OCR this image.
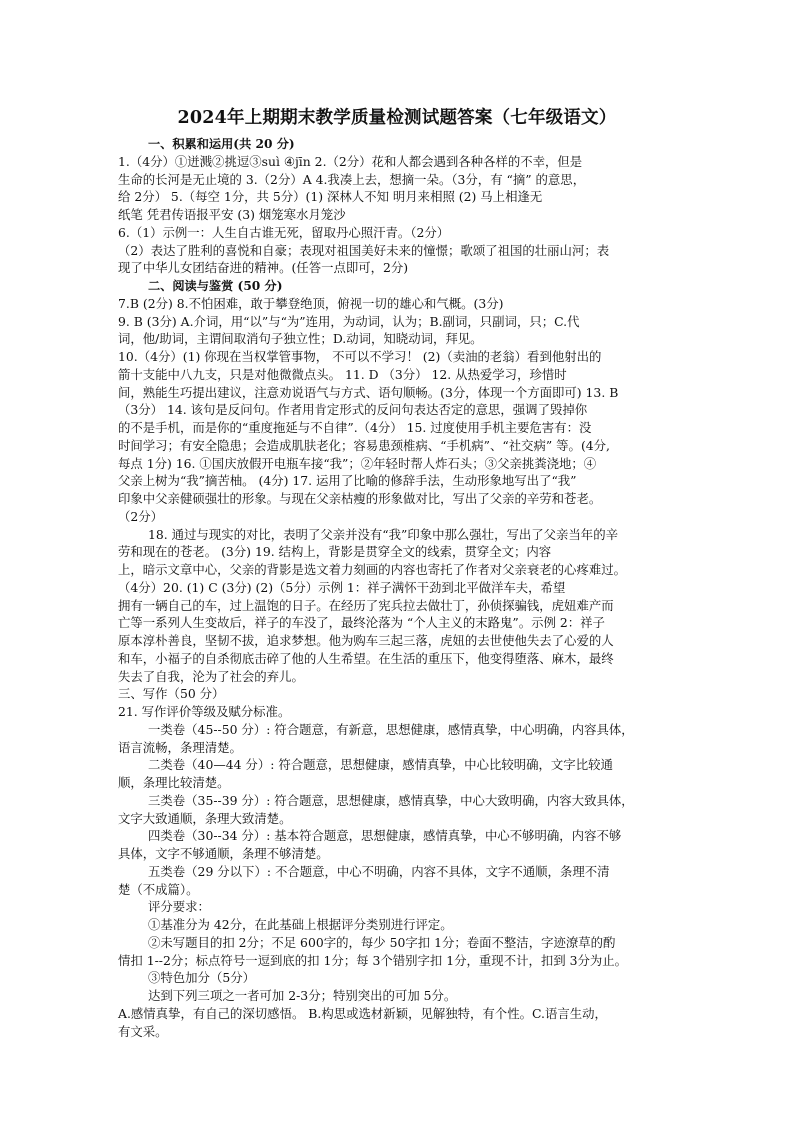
2024年上期期末教学质量检测试题答案（七年级语文）
一、积累和运用(共 20 分)
1.（4分）①迸溅②挑逗③suì ④jīn 2.（2分）花和人都会遇到各种各样的不幸，但是
生命的长河是无止境的 3.（2分）A 4.我凑上去，想摘一朵。（3分，有 “摘” 的意思，
给 2分） 5.（每空 1分，共 5分）(1) 深林人不知 明月来相照 (2) 马上相逢无
纸笔 凭君传语报平安 (3) 烟笼寒水月笼沙
6.（1）示例一：人生自古谁无死，留取丹心照汗青。（2分）
（2）表达了胜利的喜悦和自豪；表现对祖国美好未来的憧憬；歌颂了祖国的壮丽山河；表
现了中华儿女团结奋进的精神。(任答一点即可，2分)
二、阅读与鉴赏 (50 分)
7.B (2分) 8.不怕困难，敢于攀登绝顶，俯视一切的雄心和气概。(3分)
9. B (3分) A.介词，用“以”与“为”连用，为动词，认为；B.副词，只副词，只；C.代
词，他/助词，主谓间取消句子独立性；D.动词，知晓动词，拜见。
10.（4分）(1) 你现在当权掌管事物， 不可以不学习！ (2)（卖油的老翁）看到他射出的
箭十支能中八九支，只是对他微微点头。 11. D （3分） 12. 从热爱学习，珍惜时
间，熟能生巧提出建议，注意劝说语气与方式、语句顺畅。(3分，体现一个方面即可) 13. B
（3分） 14. 该句是反问句。作者用肯定形式的反问句表达否定的意思，强调了毁掉你
的不是手机，而是你的“重度拖延与不自律”.（4分） 15. 过度使用手机主要危害有：没
时间学习；有安全隐患；会造成肌肤老化；容易患颈椎病、“手机病”、“社交病” 等。(4分,
每点 1分) 16. ①国庆放假开电瓶车接“我”；②年轻时帮人炸石头；③父亲挑粪浇地；④
父亲上树为“我”摘苦柚。 (4分) 17. 运用了比喻的修辞手法，生动形象地写出了“我”
印象中父亲健硕强壮的形象。与现在父亲枯瘦的形象做对比，写出了父亲的辛劳和苍老。
（2分）
18. 通过与现实的对比，表明了父亲并没有“我”印象中那么强壮，写出了父亲当年的辛
劳和现在的苍老。 (3分) 19. 结构上，背影是贯穿全文的线索，贯穿全文；内容
上，暗示文章中心，父亲的背影是选文着力刻画的内容也寄托了作者对父亲衰老的心疼难过。
（4分）20. (1) C (3分) (2)（5分）示例 1：祥子满怀干劲到北平做洋车夫，希望
拥有一辆自己的车，过上温饱的日子。在经历了宪兵拉去做壮丁，孙侦探骗钱，虎妞难产而
亡等一系列人生变故后，祥子的车没了，最终沦落为 “个人主义的末路鬼”。示例 2：祥子
原本淳朴善良，坚韧不拔，追求梦想。他为购车三起三落，虎妞的去世使他失去了心爱的人
和车，小福子的自杀彻底击碎了他的人生希望。在生活的重压下，他变得堕落、麻木，最终
失去了自我，沦为了社会的弃儿。
三、写作（50 分）
21. 写作评价等级及赋分标准。
一类卷（45--50 分）: 符合题意，有新意，思想健康，感情真挚，中心明确，内容具体，
语言流畅，条理清楚。
二类卷（40—44 分）: 符合题意，思想健康，感情真挚，中心比较明确，文字比较通
顺，条理比较清楚。
三类卷（35--39 分）: 符合题意，思想健康，感情真挚，中心大致明确，内容大致具体，
文字大致通顺，条理大致清楚。
四类卷（30--34 分）: 基本符合题意，思想健康，感情真挚，中心不够明确，内容不够
具体，文字不够通顺，条理不够清楚。
五类卷（29 分以下）: 不合题意，中心不明确，内容不具体，文字不通顺，条理不清
楚（不成篇）。
评分要求：
①基准分为 42分，在此基础上根据评分类别进行评定。
②未写题目的扣 2分；不足 600字的，每少 50字扣 1分；卷面不整洁，字迹潦草的酌
情扣 1--2分；标点符号一逗到底的扣 1分；每 3个错别字扣 1分，重现不计，扣到 3分为止。
③特色加分（5分）
达到下列三项之一者可加 2-3分；特别突出的可加 5分。
A.感情真挚，有自己的深切感悟。 B.构思或选材新颖，见解独特，有个性。C.语言生动，
有文采。
